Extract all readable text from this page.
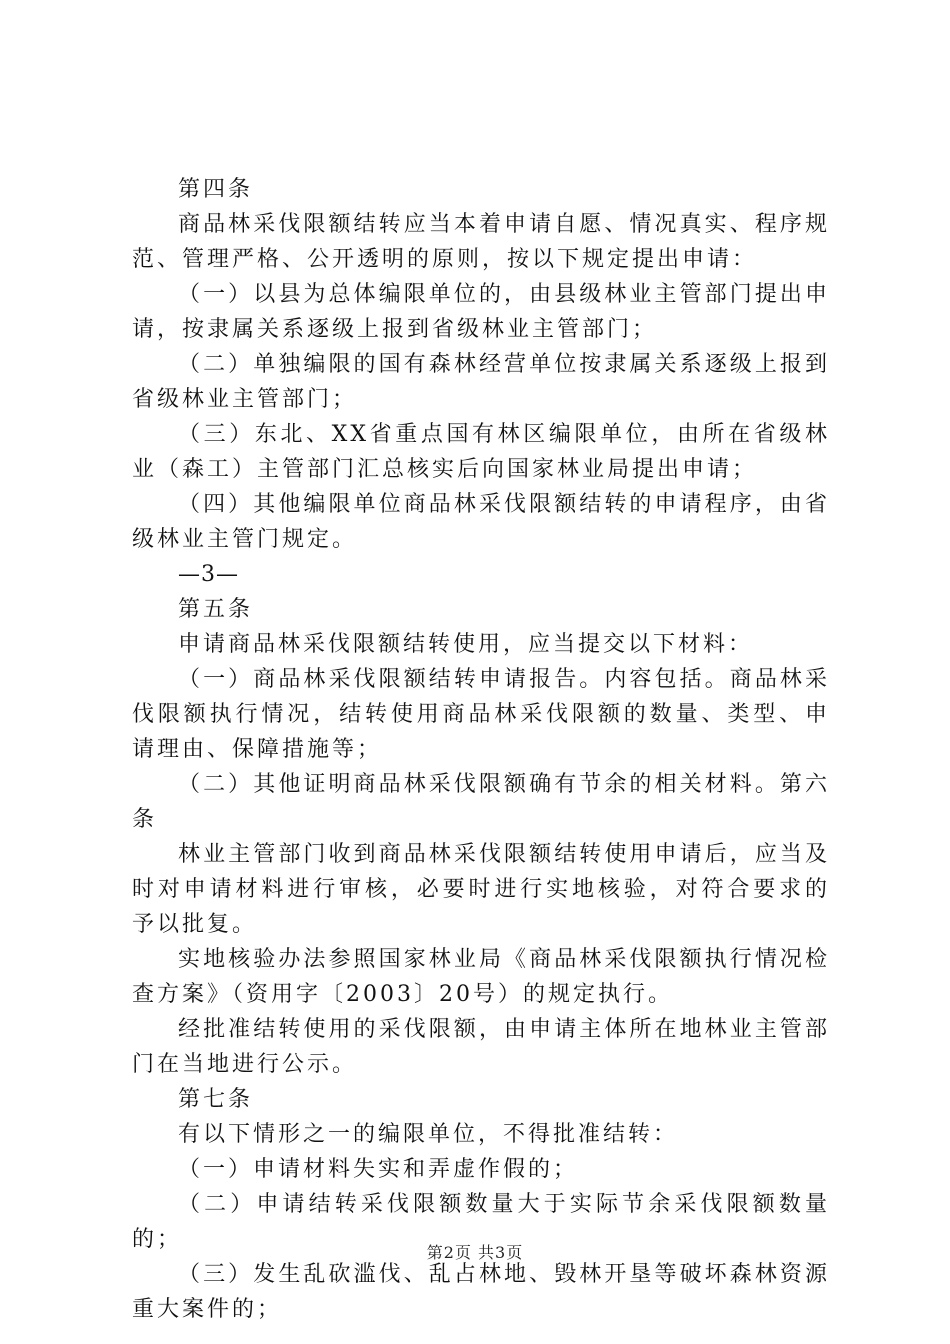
第四条

商品林采伐限额结转应当本着申请自愿、情况真实、程序规范、管理严格、公开透明的原则，按以下规定提出申请：

（一）以县为总体编限单位的，由县级林业主管部门提出申请，按隶属关系逐级上报到省级林业主管部门；

（二）单独编限的国有森林经营单位按隶属关系逐级上报到省级林业主管部门；

（三）东北、XX省重点国有林区编限单位，由所在省级林业（森工）主管部门汇总核实后向国家林业局提出申请；

（四）其他编限单位商品林采伐限额结转的申请程序，由省级林业主管门规定。

—3—

第五条

申请商品林采伐限额结转使用，应当提交以下材料：

（一）商品林采伐限额结转申请报告。内容包括。商品林采伐限额执行情况，结转使用商品林采伐限额的数量、类型、申请理由、保障措施等；

（二）其他证明商品林采伐限额确有节余的相关材料。第六条

林业主管部门收到商品林采伐限额结转使用申请后，应当及时对申请材料进行审核，必要时进行实地核验，对符合要求的予以批复。

实地核验办法参照国家林业局《商品林采伐限额执行情况检查方案》（资用字〔2003〕20号）的规定执行。

经批准结转使用的采伐限额，由申请主体所在地林业主管部门在当地进行公示。

第七条

有以下情形之一的编限单位，不得批准结转：

（一）申请材料失实和弄虚作假的；

（二）申请结转采伐限额数量大于实际节余采伐限额数量的；

（三）发生乱砍滥伐、乱占林地、毁林开垦等破坏森林资源重大案件的；

第2页 共3页
